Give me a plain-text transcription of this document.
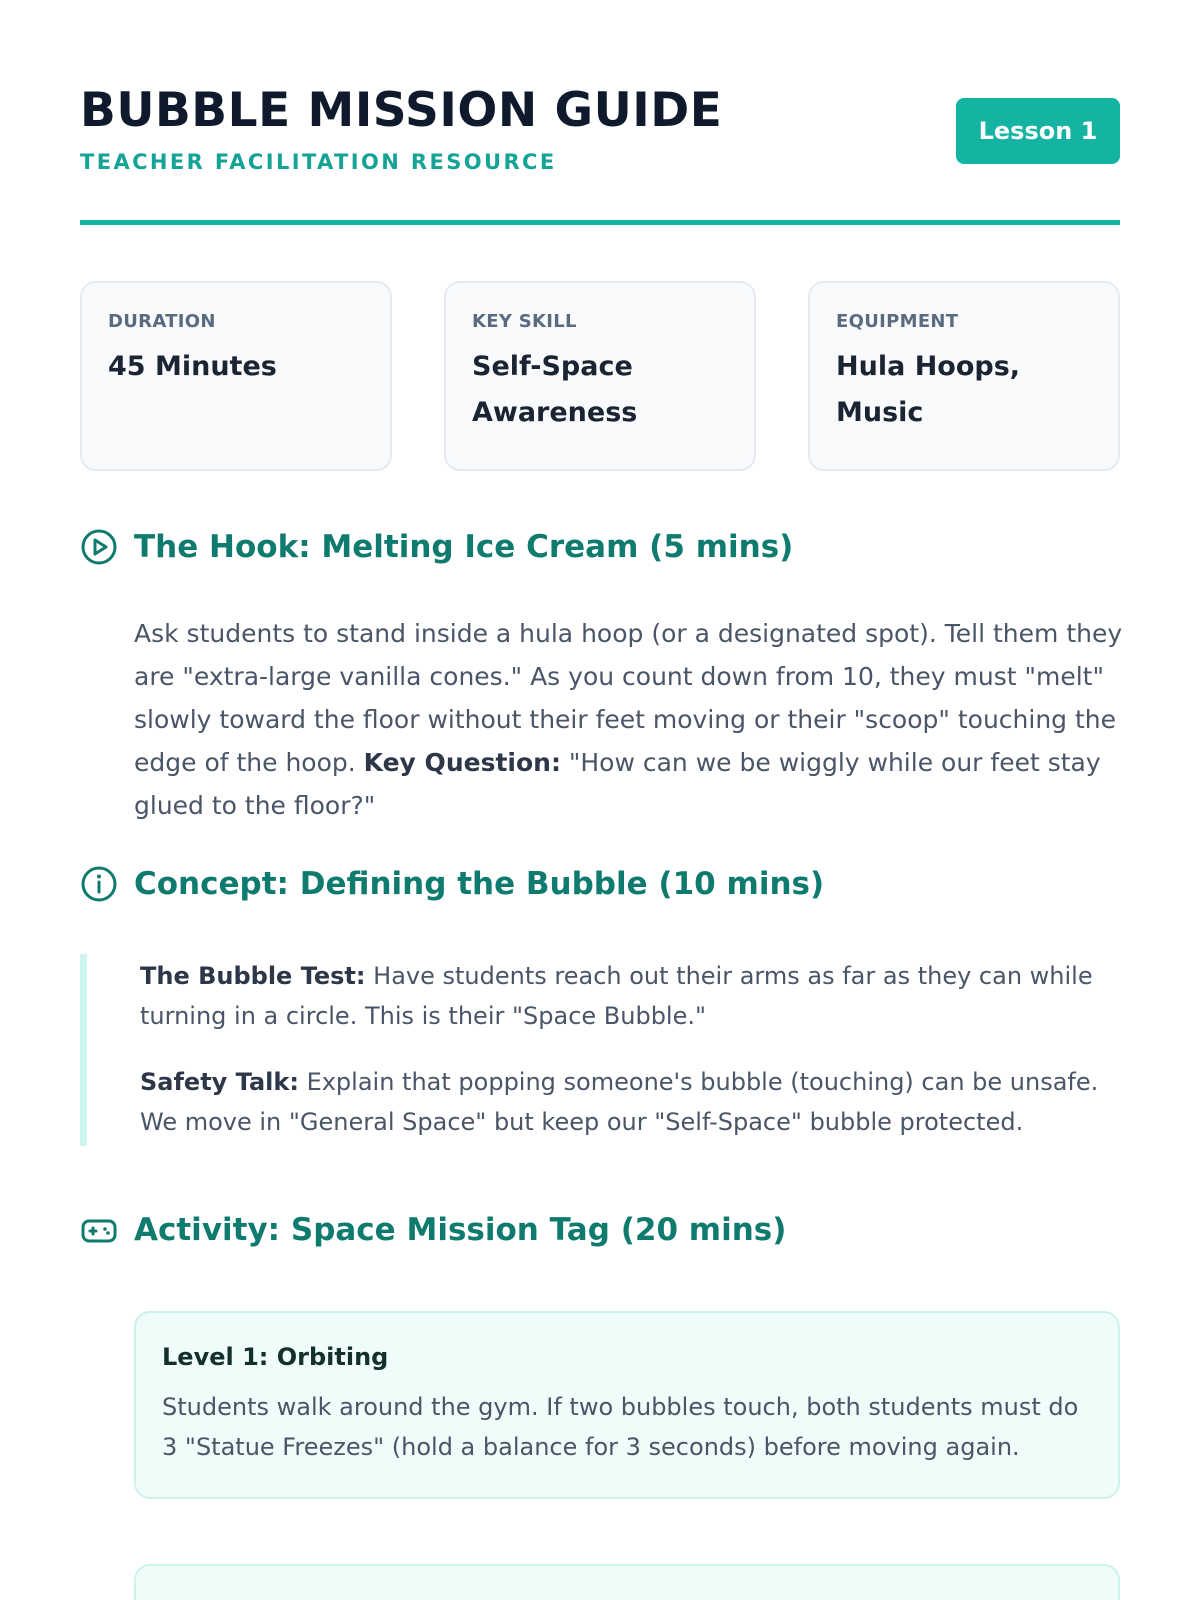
BUBBLE MISSION GUIDE
TEACHER FACILITATION RESOURCE
Lesson 1
DURATION
45 Minutes
KEY SKILL
Self-Space Awareness
EQUIPMENT
Hula Hoops, Music
The Hook: Melting Ice Cream (5 mins)
Ask students to stand inside a hula hoop (or a designated spot). Tell them they are "extra-large vanilla cones." As you count down from 10, they must "melt" slowly toward the floor without their feet moving or their "scoop" touching the edge of the hoop. Key Question: "How can we be wiggly while our feet stay glued to the floor?"
Concept: Defining the Bubble (10 mins)

The Bubble Test: Have students reach out their arms as far as they can while turning in a circle. This is their "Space Bubble."

Safety Talk: Explain that popping someone's bubble (touching) can be unsafe. We move in "General Space" but keep our "Self-Space" bubble protected.

Activity: Space Mission Tag (20 mins)
Level 1: Orbiting
Students walk around the gym. If two bubbles touch, both students must do 3 "Statue Freezes" (hold a balance for 3 seconds) before moving again.
